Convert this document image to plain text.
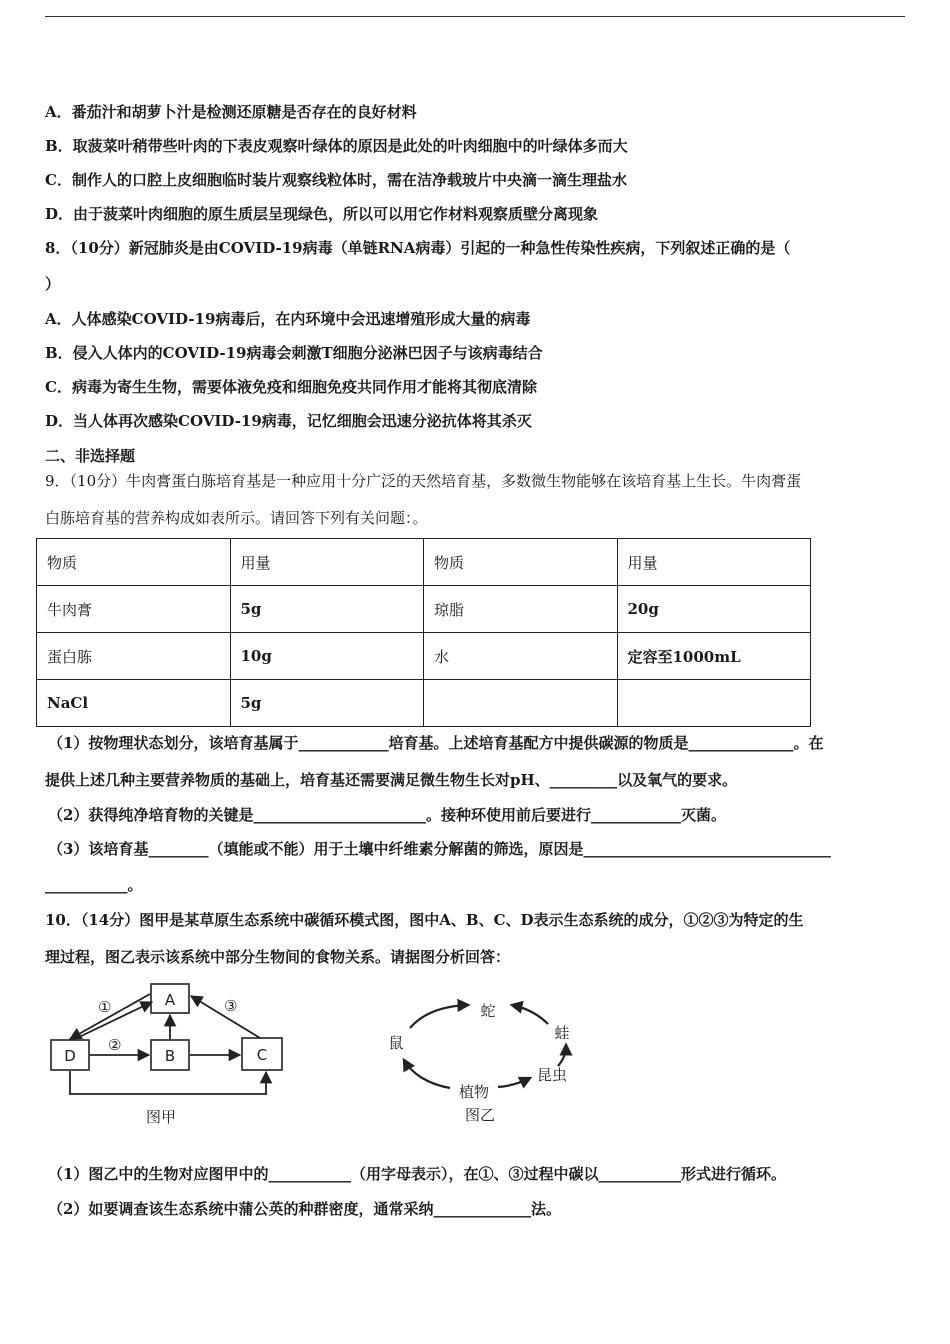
A．番茄汁和胡萝卜汁是检测还原糖是否存在的良好材料
B．取菠菜叶稍带些叶肉的下表皮观察叶绿体的原因是此处的叶肉细胞中的叶绿体多而大
C．制作人的口腔上皮细胞临时装片观察线粒体时，需在洁净载玻片中央滴一滴生理盐水
D．由于菠菜叶肉细胞的原生质层呈现绿色，所以可以用它作材料观察质壁分离现象
8．（10分）新冠肺炎是由COVID-19病毒（单链RNA病毒）引起的一种急性传染性疾病，下列叙述正确的是（
）
A．人体感染COVID-19病毒后，在内环境中会迅速增殖形成大量的病毒
B．侵入人体内的COVID-19病毒会刺激T细胞分泌淋巴因子与该病毒结合
C．病毒为寄生生物，需要体液免疫和细胞免疫共同作用才能将其彻底清除
D．当人体再次感染COVID-19病毒，记忆细胞会迅速分泌抗体将其杀灭
二、非选择题
9．（10分）牛肉膏蛋白胨培育基是一种应用十分广泛的天然培育基，多数微生物能够在该培育基上生长。牛肉膏蛋
白胨培育基的营养构成如表所示。请回答下列有关问题：。
物质	用量	物质	用量
牛肉膏	5g	琼脂	20g
蛋白胨	10g	水	定容至1000mL
NaCl	5g		
（1）按物理状态划分，该培育基属于____________培育基。上述培育基配方中提供碳源的物质是______________。在
提供上述几种主要营养物质的基础上，培育基还需要满足微生物生长对pH、_________以及氧气的要求。
（2）获得纯净培育物的关键是_______________________。接种环使用前后要进行____________灭菌。
（3）该培育基________（填能或不能）用于土壤中纤维素分解菌的筛选，原因是_________________________________
___________。
10．（14分）图甲是某草原生态系统中碳循环模式图，图中A、B、C、D表示生态系统的成分，①②③为特定的生
理过程，图乙表示该系统中部分生物间的食物关系。请据图分析回答：
A
D	B	C
①
②
③
图甲
蛇
蛙
昆虫
植物
鼠
图乙
（1）图乙中的生物对应图甲中的___________（用字母表示），在①、③过程中碳以___________形式进行循环。
（2）如要调查该生态系统中蒲公英的种群密度，通常采纳_____________法。
